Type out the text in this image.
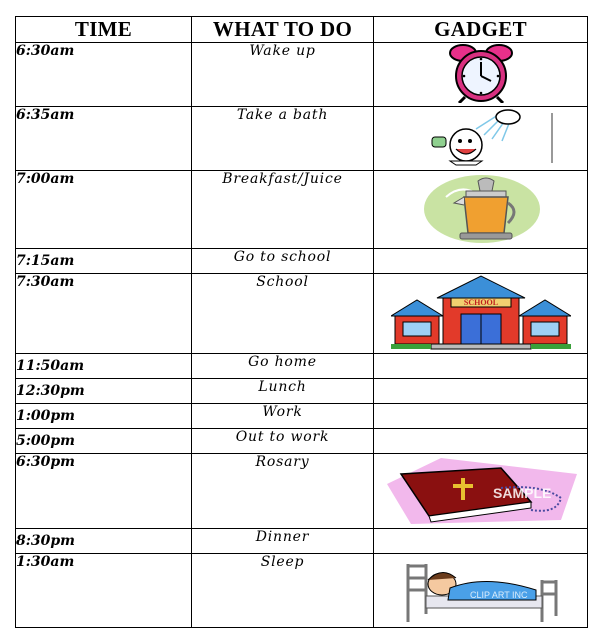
TIME	WHAT TO DO	GADGET
6:30am	Wake up	

6:35am	Take a bath	

7:00am	Breakfast/Juice	

7:15am	Go to school	
7:30am	School	SCHOOL

11:50am	Go home	
12:30pm	Lunch	
1:00pm	Work	
5:00pm	Out to work	
6:30pm	Rosary	SAMPLE

8:30pm	Dinner	
1:30am	Sleep	CLIP ART INC
